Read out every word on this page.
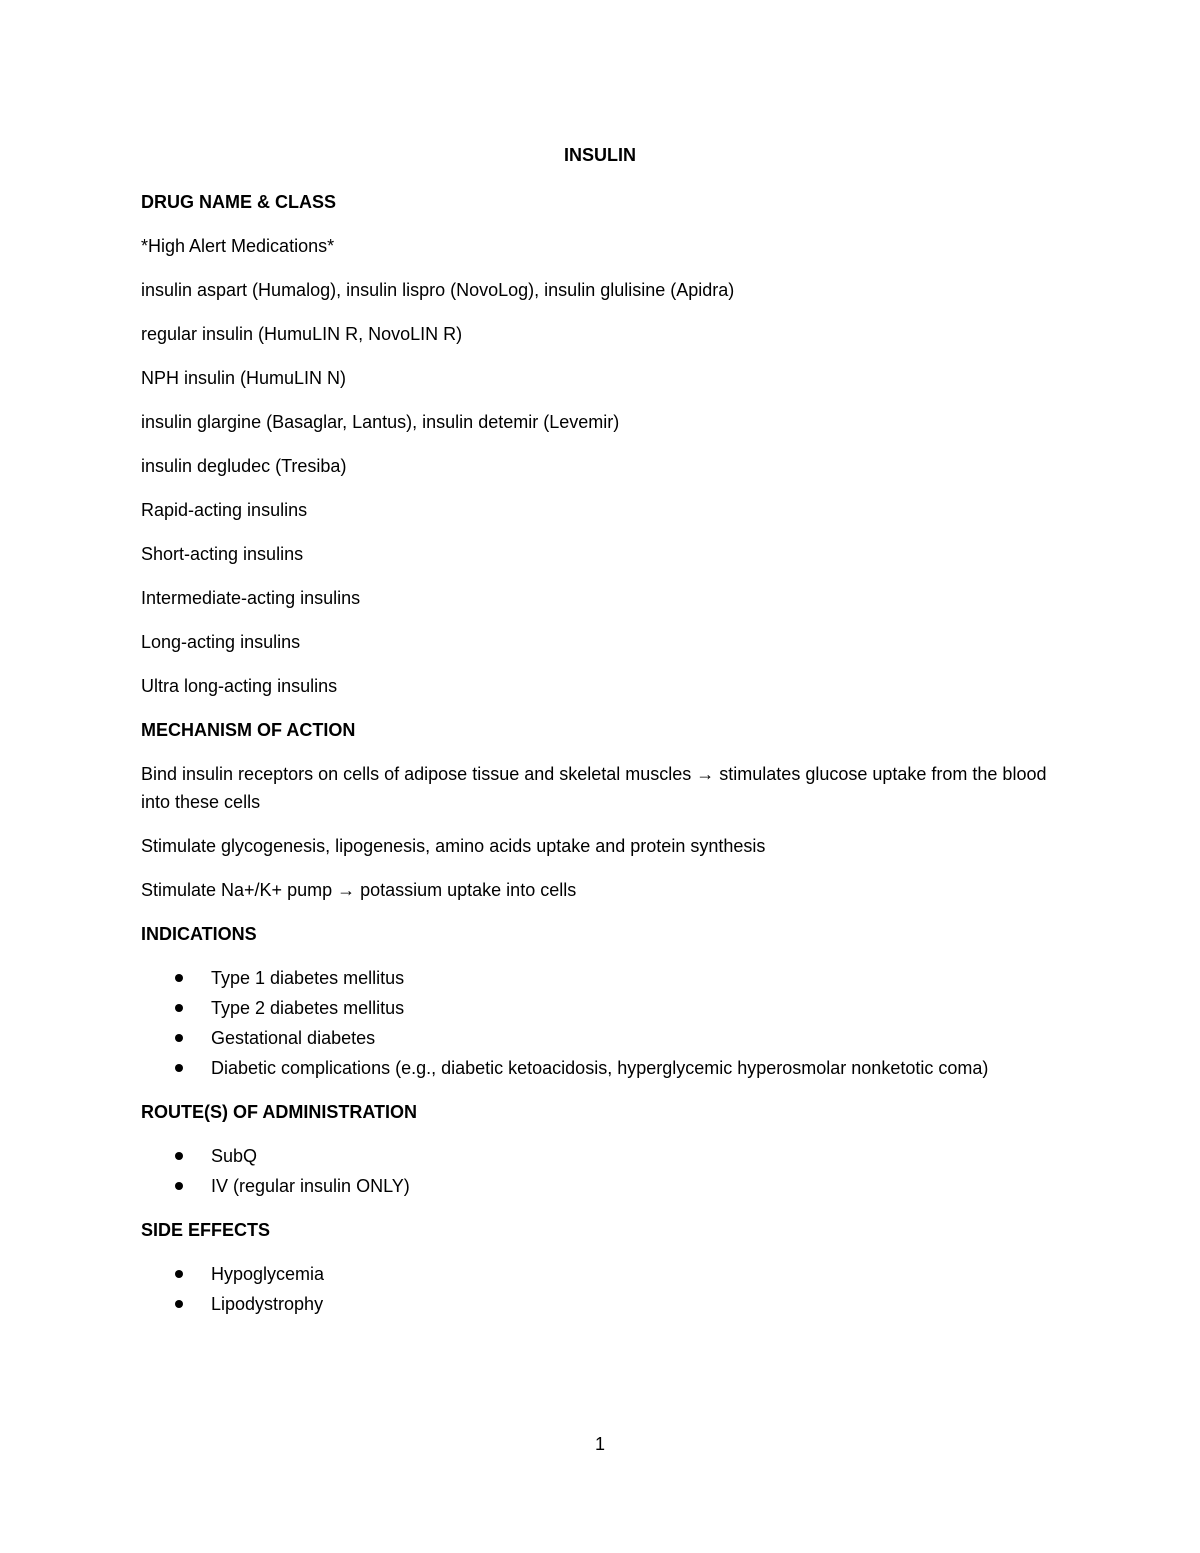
INSULIN
DRUG NAME & CLASS
*High Alert Medications*
insulin aspart (Humalog), insulin lispro (NovoLog), insulin glulisine (Apidra)
regular insulin (HumuLIN R, NovoLIN R)
NPH insulin (HumuLIN N)
insulin glargine (Basaglar, Lantus), insulin detemir (Levemir)
insulin degludec (Tresiba)
Rapid-acting insulins
Short-acting insulins
Intermediate-acting insulins
Long-acting insulins
Ultra long-acting insulins
MECHANISM OF ACTION
Bind insulin receptors on cells of adipose tissue and skeletal muscles → stimulates glucose uptake from the blood into these cells
Stimulate glycogenesis, lipogenesis, amino acids uptake and protein synthesis
Stimulate Na+/K+ pump → potassium uptake into cells
INDICATIONS
Type 1 diabetes mellitus
Type 2 diabetes mellitus
Gestational diabetes
Diabetic complications (e.g., diabetic ketoacidosis, hyperglycemic hyperosmolar nonketotic coma)
ROUTE(S) OF ADMINISTRATION
SubQ
IV (regular insulin ONLY)
SIDE EFFECTS
Hypoglycemia
Lipodystrophy
1
